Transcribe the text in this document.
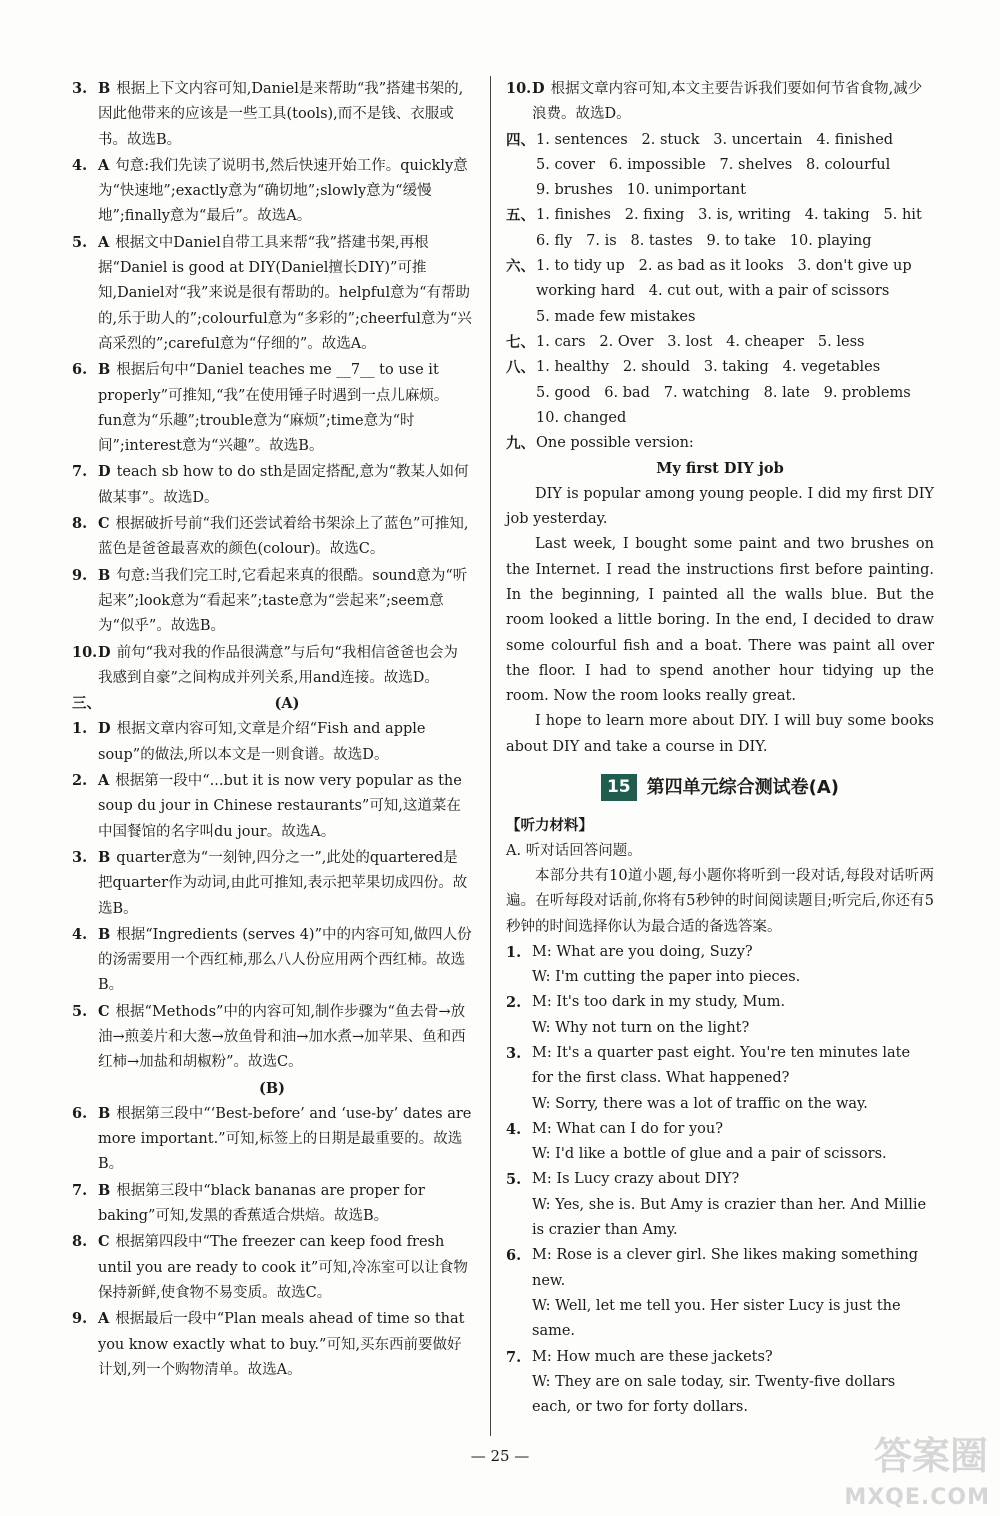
3. B 根据上下文内容可知,Daniel是来帮助“我”搭建书架的,因此他带来的应该是一些工具(tools),而不是钱、衣服或书。故选B。
4. A 句意:我们先读了说明书,然后快速开始工作。quickly意为“快速地”;exactly意为“确切地”;slowly意为“缓慢地”;finally意为“最后”。故选A。
5. A 根据文中Daniel自带工具来帮“我”搭建书架,再根据“Daniel is good at DIY(Daniel擅长DIY)”可推知,Daniel对“我”来说是很有帮助的。helpful意为“有帮助的,乐于助人的”;colourful意为“多彩的”;cheerful意为“兴高采烈的”;careful意为“仔细的”。故选A。
6. B 根据后句中“Daniel teaches me __7__ to use it properly”可推知,“我”在使用锤子时遇到一点儿麻烦。fun意为“乐趣”;trouble意为“麻烦”;time意为“时间”;interest意为“兴趣”。故选B。
7. D teach sb how to do sth是固定搭配,意为“教某人如何做某事”。故选D。
8. C 根据破折号前“我们还尝试着给书架涂上了蓝色”可推知,蓝色是爸爸最喜欢的颜色(colour)。故选C。
9. B 句意:当我们完工时,它看起来真的很酷。sound意为“听起来”;look意为“看起来”;taste意为“尝起来”;seem意为“似乎”。故选B。
10. D 前句“我对我的作品很满意”与后句“我相信爸爸也会为我感到自豪”之间构成并列关系,用and连接。故选D。
三、	(A)

1. D 根据文章内容可知,文章是介绍“Fish and apple soup”的做法,所以本文是一则食谱。故选D。
2. A 根据第一段中“...but it is now very popular as the soup du jour in Chinese restaurants”可知,这道菜在中国餐馆的名字叫du jour。故选A。
3. B quarter意为“一刻钟,四分之一”,此处的quartered是把quarter作为动词,由此可推知,表示把苹果切成四份。故选B。
4. B 根据“Ingredients (serves 4)”中的内容可知,做四人份的汤需要用一个西红柿,那么八人份应用两个西红柿。故选B。
5. C 根据“Methods”中的内容可知,制作步骤为“鱼去骨→放油→煎姜片和大葱→放鱼骨和油→加水煮→加苹果、鱼和西红柿→加盐和胡椒粉”。故选C。

(B)

6. B 根据第三段中“‘Best-before’ and ‘use-by’ dates are more important.”可知,标签上的日期是最重要的。故选B。
7. B 根据第三段中“black bananas are proper for baking”可知,发黑的香蕉适合烘焙。故选B。
8. C 根据第四段中“The freezer can keep food fresh until you are ready to cook it”可知,冷冻室可以让食物保持新鲜,使食物不易变质。故选C。
9. A 根据最后一段中“Plan meals ahead of time so that you know exactly what to buy.”可知,买东西前要做好计划,列一个购物清单。故选A。
10. D 根据文章内容可知,本文主要告诉我们要如何节省食物,减少浪费。故选D。
四、 1. sentences   2. stuck   3. uncertain   4. finished

5. cover   6. impossible   7. shelves   8. colourful

9. brushes   10. unimportant

五、 1. finishes   2. fixing   3. is, writing   4. taking   5. hit

6. fly   7. is   8. tastes   9. to take   10. playing

六、 1. to tidy up   2. as bad as it looks   3. don't give up

working hard   4. cut out, with a pair of scissors

5. made few mistakes

七、 1. cars   2. Over   3. lost   4. cheaper   5. less

八、 1. healthy   2. should   3. taking   4. vegetables

5. good   6. bad   7. watching   8. late   9. problems

10. changed

九、 One possible version:

My first DIY job

DIY is popular among young people. I did my first DIY job yesterday.

Last week, I bought some paint and two brushes on the Internet. I read the instructions first before painting. In the beginning, I painted all the walls blue. But the room looked a little boring. In the end, I decided to draw some colourful fish and a boat. There was paint all over the floor. I had to spend another hour tidying up the room. Now the room looks really great.

I hope to learn more about DIY. I will buy some books about DIY and take a course in DIY.

15 第四单元综合测试卷(A)

【听力材料】

A. 听对话回答问题。

本部分共有10道小题,每小题你将听到一段对话,每段对话听两遍。在听每段对话前,你将有5秒钟的时间阅读题目;听完后,你还有5秒钟的时间选择你认为最合适的备选答案。

1. M: What are you doing, Suzy?
W: I'm cutting the paper into pieces.
2. M: It's too dark in my study, Mum.
W: Why not turn on the light?
3. M: It's a quarter past eight. You're ten minutes late for the first class. What happened?
W: Sorry, there was a lot of traffic on the way.
4. M: What can I do for you?
W: I'd like a bottle of glue and a pair of scissors.
5. M: Is Lucy crazy about DIY?
W: Yes, she is. But Amy is crazier than her. And Millie is crazier than Amy.
6. M: Rose is a clever girl. She likes making something new.
W: Well, let me tell you. Her sister Lucy is just the same.
7. M: How much are these jackets?
W: They are on sale today, sir. Twenty-five dollars each, or two for forty dollars.
— 25 —	答案圈
MXQE.COM
